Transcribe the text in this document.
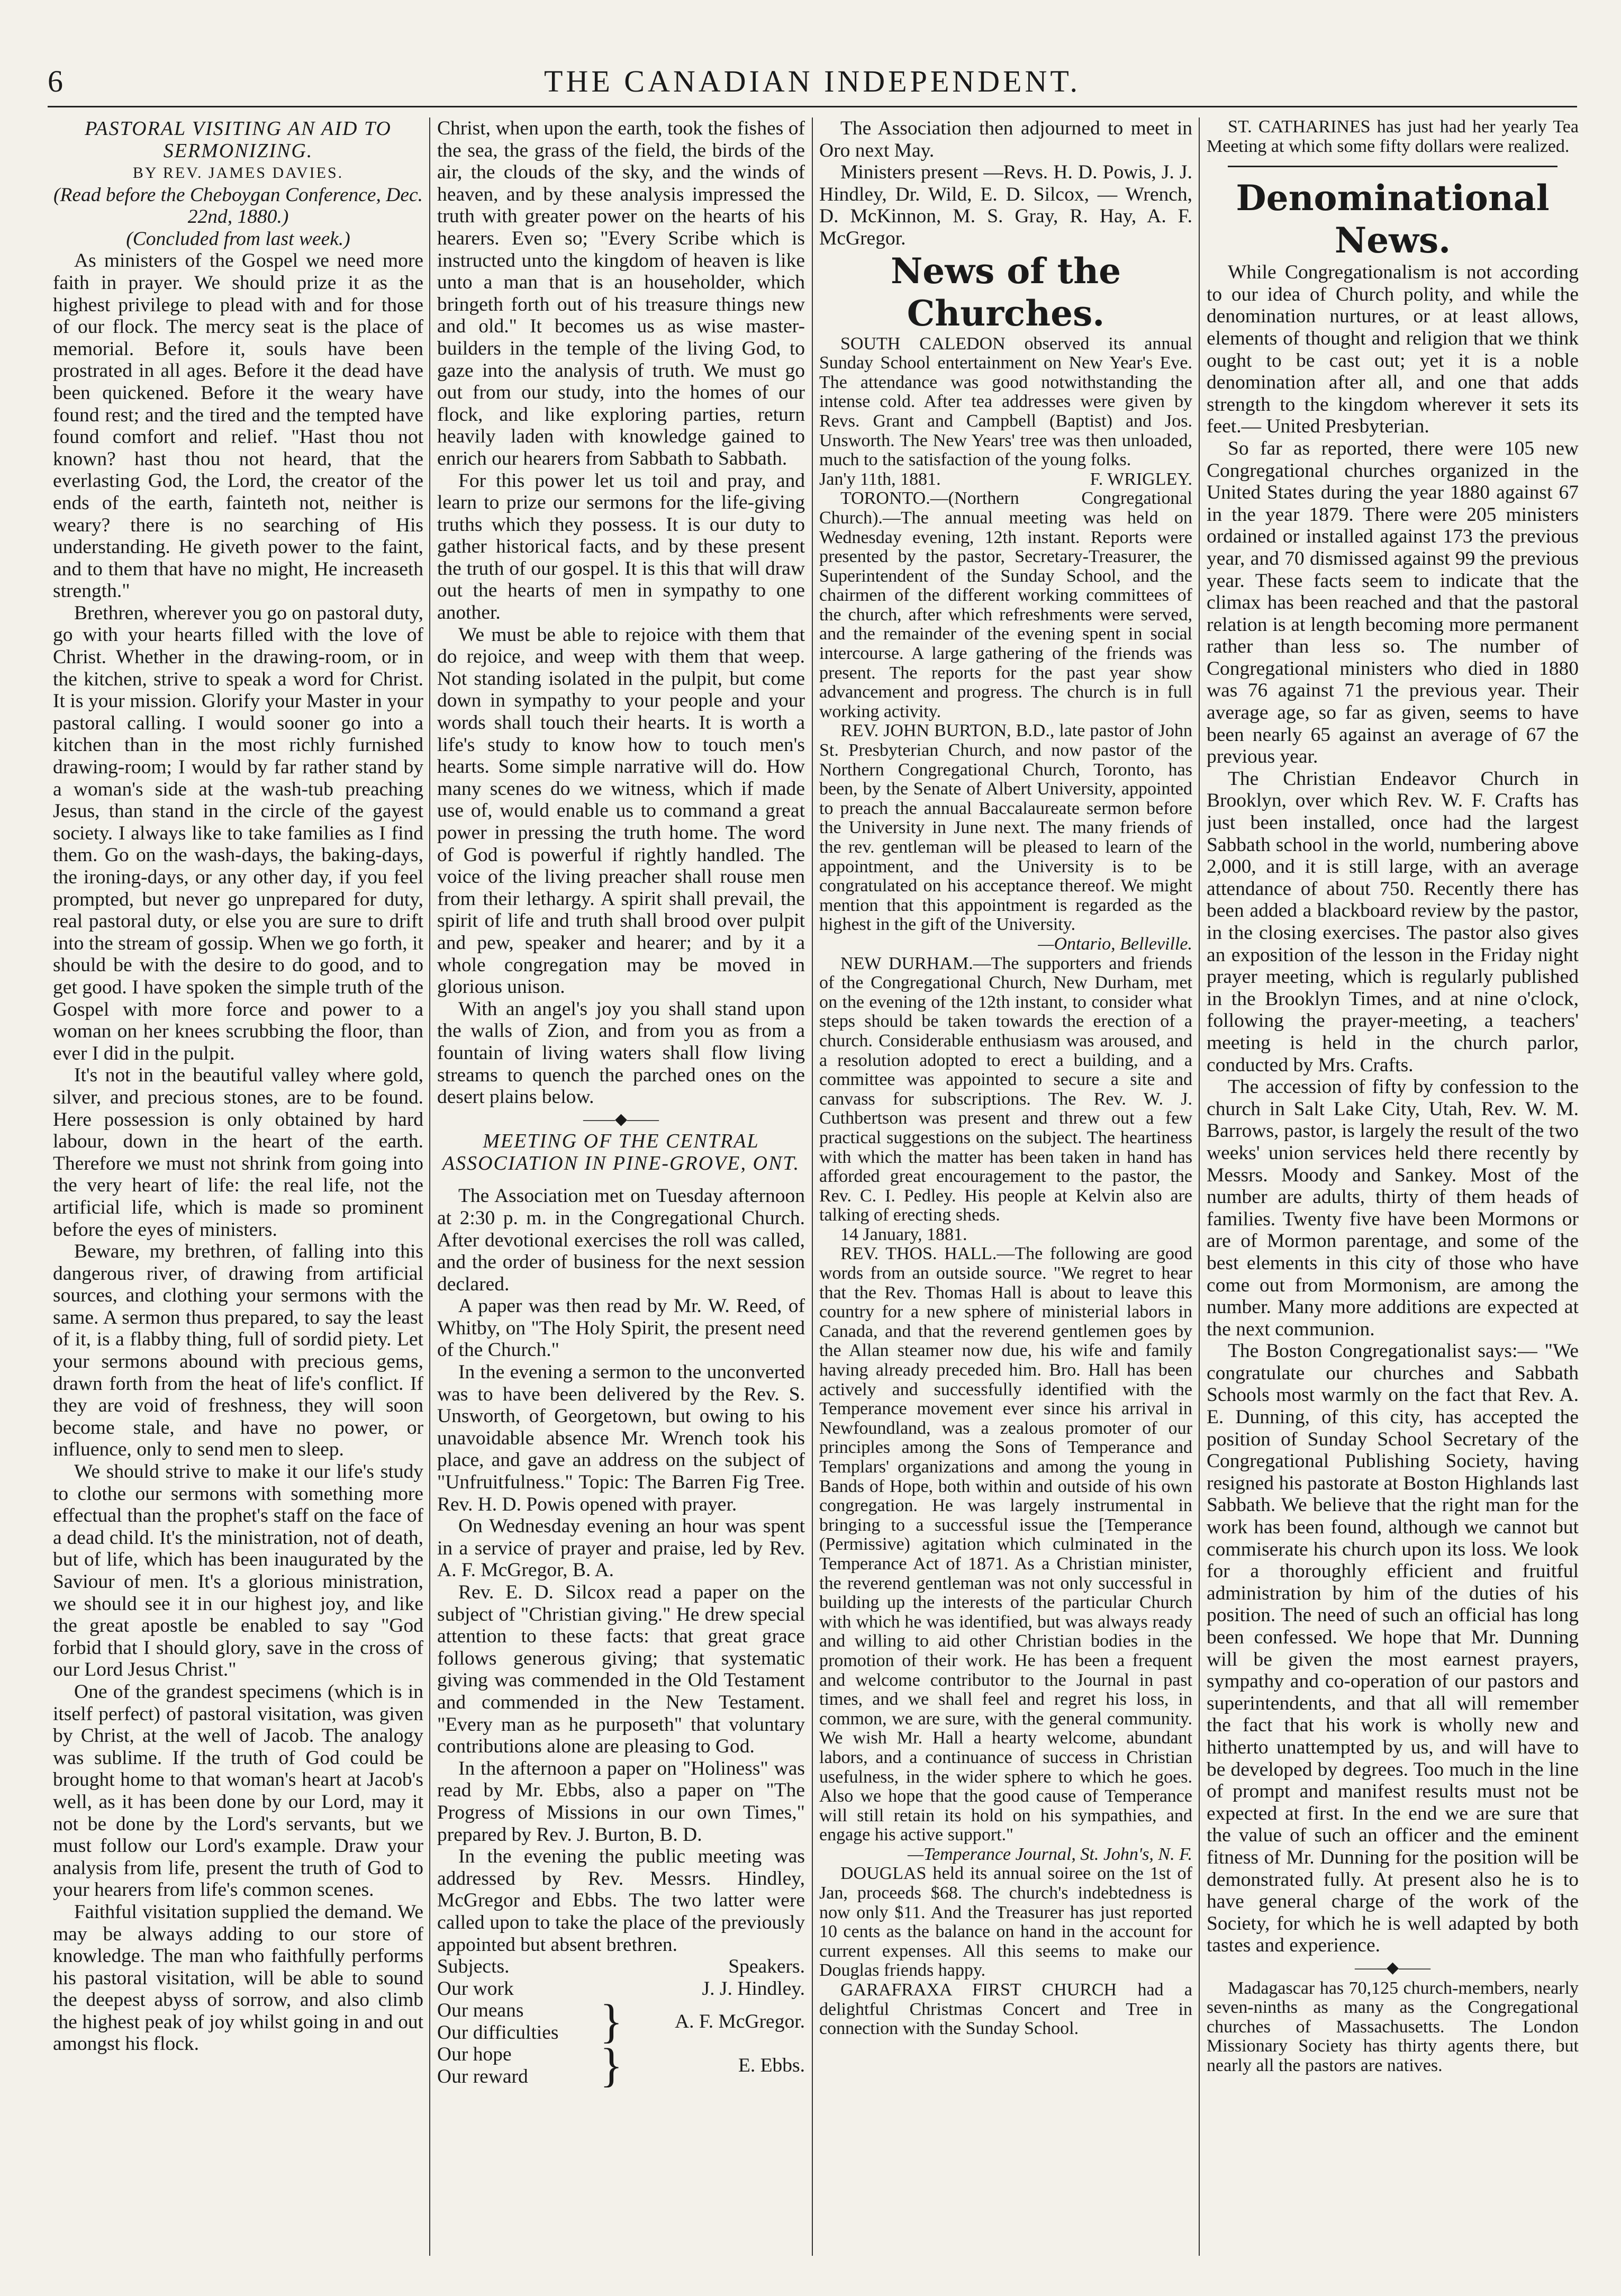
6	THE CANADIAN INDEPENDENT.

PASTORAL VISITING AN AID TO SERMONIZING.

BY REV. JAMES DAVIES.

(Read before the Cheboygan Conference, Dec. 22nd, 1880.)

(Concluded from last week.)

As ministers of the Gospel we need more faith in prayer. We should prize it as the highest privilege to plead with and for those of our flock. The mercy seat is the place of memorial. Before it, souls have been prostrated in all ages. Before it the dead have been quickened. Before it the weary have found rest; and the tired and the tempted have found comfort and relief. "Hast thou not known? hast thou not heard, that the everlasting God, the Lord, the creator of the ends of the earth, fainteth not, neither is weary? there is no searching of His understanding. He giveth power to the faint, and to them that have no might, He increaseth strength."

Brethren, wherever you go on pastoral duty, go with your hearts filled with the love of Christ. Whether in the drawing-room, or in the kitchen, strive to speak a word for Christ. It is your mission. Glorify your Master in your pastoral calling. I would sooner go into a kitchen than in the most richly furnished drawing-room; I would by far rather stand by a woman's side at the wash-tub preaching Jesus, than stand in the circle of the gayest society. I always like to take families as I find them. Go on the wash-days, the baking-days, the ironing-days, or any other day, if you feel prompted, but never go unprepared for duty, real pastoral duty, or else you are sure to drift into the stream of gossip. When we go forth, it should be with the desire to do good, and to get good. I have spoken the simple truth of the Gospel with more force and power to a woman on her knees scrubbing the floor, than ever I did in the pulpit.

It's not in the beautiful valley where gold, silver, and precious stones, are to be found. Here possession is only obtained by hard labour, down in the heart of the earth. Therefore we must not shrink from going into the very heart of life: the real life, not the artificial life, which is made so prominent before the eyes of ministers.

Beware, my brethren, of falling into this dangerous river, of drawing from artificial sources, and clothing your sermons with the same. A sermon thus prepared, to say the least of it, is a flabby thing, full of sordid piety. Let your sermons abound with precious gems, drawn forth from the heat of life's conflict. If they are void of freshness, they will soon become stale, and have no power, or influence, only to send men to sleep.

We should strive to make it our life's study to clothe our sermons with something more effectual than the prophet's staff on the face of a dead child. It's the ministration, not of death, but of life, which has been inaugurated by the Saviour of men. It's a glorious ministration, we should see it in our highest joy, and like the great apostle be enabled to say "God forbid that I should glory, save in the cross of our Lord Jesus Christ."

One of the grandest specimens (which is in itself perfect) of pastoral visitation, was given by Christ, at the well of Jacob. The analogy was sublime. If the truth of God could be brought home to that woman's heart at Jacob's well, as it has been done by our Lord, may it not be done by the Lord's servants, but we must follow our Lord's example. Draw your analysis from life, present the truth of God to your hearers from life's common scenes.

Faithful visitation supplied the demand. We may be always adding to our store of knowledge. The man who faithfully performs his pastoral visitation, will be able to sound the deepest abyss of sorrow, and also climb the highest peak of joy whilst going in and out amongst his flock.

Christ, when upon the earth, took the fishes of the sea, the grass of the field, the birds of the air, the clouds of the sky, and the winds of heaven, and by these analysis impressed the truth with greater power on the hearts of his hearers. Even so; "Every Scribe which is instructed unto the kingdom of heaven is like unto a man that is an householder, which bringeth forth out of his treasure things new and old." It becomes us as wise master-builders in the temple of the living God, to gaze into the analysis of truth. We must go out from our study, into the homes of our flock, and like exploring parties, return heavily laden with knowledge gained to enrich our hearers from Sabbath to Sabbath.

For this power let us toil and pray, and learn to prize our sermons for the life-giving truths which they possess. It is our duty to gather historical facts, and by these present the truth of our gospel. It is this that will draw out the hearts of men in sympathy to one another.

We must be able to rejoice with them that do rejoice, and weep with them that weep. Not standing isolated in the pulpit, but come down in sympathy to your people and your words shall touch their hearts. It is worth a life's study to know how to touch men's hearts. Some simple narrative will do. How many scenes do we witness, which if made use of, would enable us to command a great power in pressing the truth home. The word of God is powerful if rightly handled. The voice of the living preacher shall rouse men from their lethargy. A spirit shall prevail, the spirit of life and truth shall brood over pulpit and pew, speaker and hearer; and by it a whole congregation may be moved in glorious unison.

With an angel's joy you shall stand upon the walls of Zion, and from you as from a fountain of living waters shall flow living streams to quench the parched ones on the desert plains below.

——◆——

MEETING OF THE CENTRAL ASSOCIATION IN PINE-GROVE, ONT.

The Association met on Tuesday afternoon at 2:30 p. m. in the Congregational Church. After devotional exercises the roll was called, and the order of business for the next session declared.

A paper was then read by Mr. W. Reed, of Whitby, on "The Holy Spirit, the present need of the Church."

In the evening a sermon to the unconverted was to have been delivered by the Rev. S. Unsworth, of Georgetown, but owing to his unavoidable absence Mr. Wrench took his place, and gave an address on the subject of "Unfruitfulness." Topic: The Barren Fig Tree. Rev. H. D. Powis opened with prayer.

On Wednesday evening an hour was spent in a service of prayer and praise, led by Rev. A. F. McGregor, B. A.

Rev. E. D. Silcox read a paper on the subject of "Christian giving." He drew special attention to these facts: that great grace follows generous giving; that systematic giving was commended in the Old Testament and commended in the New Testament. "Every man as he purposeth" that voluntary contributions alone are pleasing to God.

In the afternoon a paper on "Holiness" was read by Mr. Ebbs, also a paper on "The Progress of Missions in our own Times," prepared by Rev. J. Burton, B. D.

In the evening the public meeting was addressed by Rev. Messrs. Hindley, McGregor and Ebbs. The two latter were called upon to take the place of the previously appointed but absent brethren.

Subjects.	Speakers.	
Our work		J. J. Hindley.
Our means	}	A. F. McGregor.
Our difficulties		
Our hope	}	E. Ebbs.
Our reward		

The Association then adjourned to meet in Oro next May.

Ministers present —Revs. H. D. Powis, J. J. Hindley, Dr. Wild, E. D. Silcox, — Wrench, D. McKinnon, M. S. Gray, R. Hay, A. F. McGregor.

News of the Churches.

SOUTH CALEDON observed its annual Sunday School entertainment on New Year's Eve. The attendance was good notwithstanding the intense cold. After tea addresses were given by Revs. Grant and Campbell (Baptist) and Jos. Unsworth. The New Years' tree was then unloaded, much to the satisfaction of the young folks.

Jan'y 11th, 1881.	F. WRIGLEY.

TORONTO.—(Northern Congregational Church).—The annual meeting was held on Wednesday evening, 12th instant. Reports were presented by the pastor, Secretary-Treasurer, the Superintendent of the Sunday School, and the chairmen of the different working committees of the church, after which refreshments were served, and the remainder of the evening spent in social intercourse. A large gathering of the friends was present. The reports for the past year show advancement and progress. The church is in full working activity.

REV. JOHN BURTON, B.D., late pastor of John St. Presbyterian Church, and now pastor of the Northern Congregational Church, Toronto, has been, by the Senate of Albert University, appointed to preach the annual Baccalaureate sermon before the University in June next. The many friends of the rev. gentleman will be pleased to learn of the appointment, and the University is to be congratulated on his acceptance thereof. We might mention that this appointment is regarded as the highest in the gift of the University.

—Ontario, Belleville.

NEW DURHAM.—The supporters and friends of the Congregational Church, New Durham, met on the evening of the 12th instant, to consider what steps should be taken towards the erection of a church. Considerable enthusiasm was aroused, and a resolution adopted to erect a building, and a committee was appointed to secure a site and canvass for subscriptions. The Rev. W. J. Cuthbertson was present and threw out a few practical suggestions on the subject. The heartiness with which the matter has been taken in hand has afforded great encouragement to the pastor, the Rev. C. I. Pedley. His people at Kelvin also are talking of erecting sheds.

14 January, 1881.

REV. THOS. HALL.—The following are good words from an outside source. "We regret to hear that the Rev. Thomas Hall is about to leave this country for a new sphere of ministerial labors in Canada, and that the reverend gentlemen goes by the Allan steamer now due, his wife and family having already preceded him. Bro. Hall has been actively and successfully identified with the Temperance movement ever since his arrival in Newfoundland, was a zealous promoter of our principles among the Sons of Temperance and Templars' organizations and among the young in Bands of Hope, both within and outside of his own congregation. He was largely instrumental in bringing to a successful issue the [Temperance (Permissive) agitation which culminated in the Temperance Act of 1871. As a Christian minister, the reverend gentleman was not only successful in building up the interests of the particular Church with which he was identified, but was always ready and willing to aid other Christian bodies in the promotion of their work. He has been a frequent and welcome contributor to the Journal in past times, and we shall feel and regret his loss, in common, we are sure, with the general community. We wish Mr. Hall a hearty welcome, abundant labors, and a continuance of success in Christian usefulness, in the wider sphere to which he goes. Also we hope that the good cause of Temperance will still retain its hold on his sympathies, and engage his active support."

—Temperance Journal, St. John's, N. F.

DOUGLAS held its annual soiree on the 1st of Jan, proceeds $68. The church's indebtedness is now only $11. And the Treasurer has just reported 10 cents as the balance on hand in the account for current expenses. All this seems to make our Douglas friends happy.

GARAFRAXA FIRST CHURCH had a delightful Christmas Concert and Tree in connection with the Sunday School.

ST. CATHARINES has just had her yearly Tea Meeting at which some fifty dollars were realized.

Denominational News.

While Congregationalism is not according to our idea of Church polity, and while the denomination nurtures, or at least allows, elements of thought and religion that we think ought to be cast out; yet it is a noble denomination after all, and one that adds strength to the kingdom wherever it sets its feet.— United Presbyterian.

So far as reported, there were 105 new Congregational churches organized in the United States during the year 1880 against 67 in the year 1879. There were 205 ministers ordained or installed against 173 the previous year, and 70 dismissed against 99 the previous year. These facts seem to indicate that the climax has been reached and that the pastoral relation is at length becoming more permanent rather than less so. The number of Congregational ministers who died in 1880 was 76 against 71 the previous year. Their average age, so far as given, seems to have been nearly 65 against an average of 67 the previous year.

The Christian Endeavor Church in Brooklyn, over which Rev. W. F. Crafts has just been installed, once had the largest Sabbath school in the world, numbering above 2,000, and it is still large, with an average attendance of about 750. Recently there has been added a blackboard review by the pastor, in the closing exercises. The pastor also gives an exposition of the lesson in the Friday night prayer meeting, which is regularly published in the Brooklyn Times, and at nine o'clock, following the prayer-meeting, a teachers' meeting is held in the church parlor, conducted by Mrs. Crafts.

The accession of fifty by confession to the church in Salt Lake City, Utah, Rev. W. M. Barrows, pastor, is largely the result of the two weeks' union services held there recently by Messrs. Moody and Sankey. Most of the number are adults, thirty of them heads of families. Twenty five have been Mormons or are of Mormon parentage, and some of the best elements in this city of those who have come out from Mormonism, are among the number. Many more additions are expected at the next communion.

The Boston Congregationalist says:— "We congratulate our churches and Sabbath Schools most warmly on the fact that Rev. A. E. Dunning, of this city, has accepted the position of Sunday School Secretary of the Congregational Publishing Society, having resigned his pastorate at Boston Highlands last Sabbath. We believe that the right man for the work has been found, although we cannot but commiserate his church upon its loss. We look for a thoroughly efficient and fruitful administration by him of the duties of his position. The need of such an official has long been confessed. We hope that Mr. Dunning will be given the most earnest prayers, sympathy and co-operation of our pastors and superintendents, and that all will remember the fact that his work is wholly new and hitherto unattempted by us, and will have to be developed by degrees. Too much in the line of prompt and manifest results must not be expected at first. In the end we are sure that the value of such an officer and the eminent fitness of Mr. Dunning for the position will be demonstrated fully. At present also he is to have general charge of the work of the Society, for which he is well adapted by both tastes and experience.

——◆——

Madagascar has 70,125 church-members, nearly seven-ninths as many as the Congregational churches of Massachusetts. The London Missionary Society has thirty agents there, but nearly all the pastors are natives.
